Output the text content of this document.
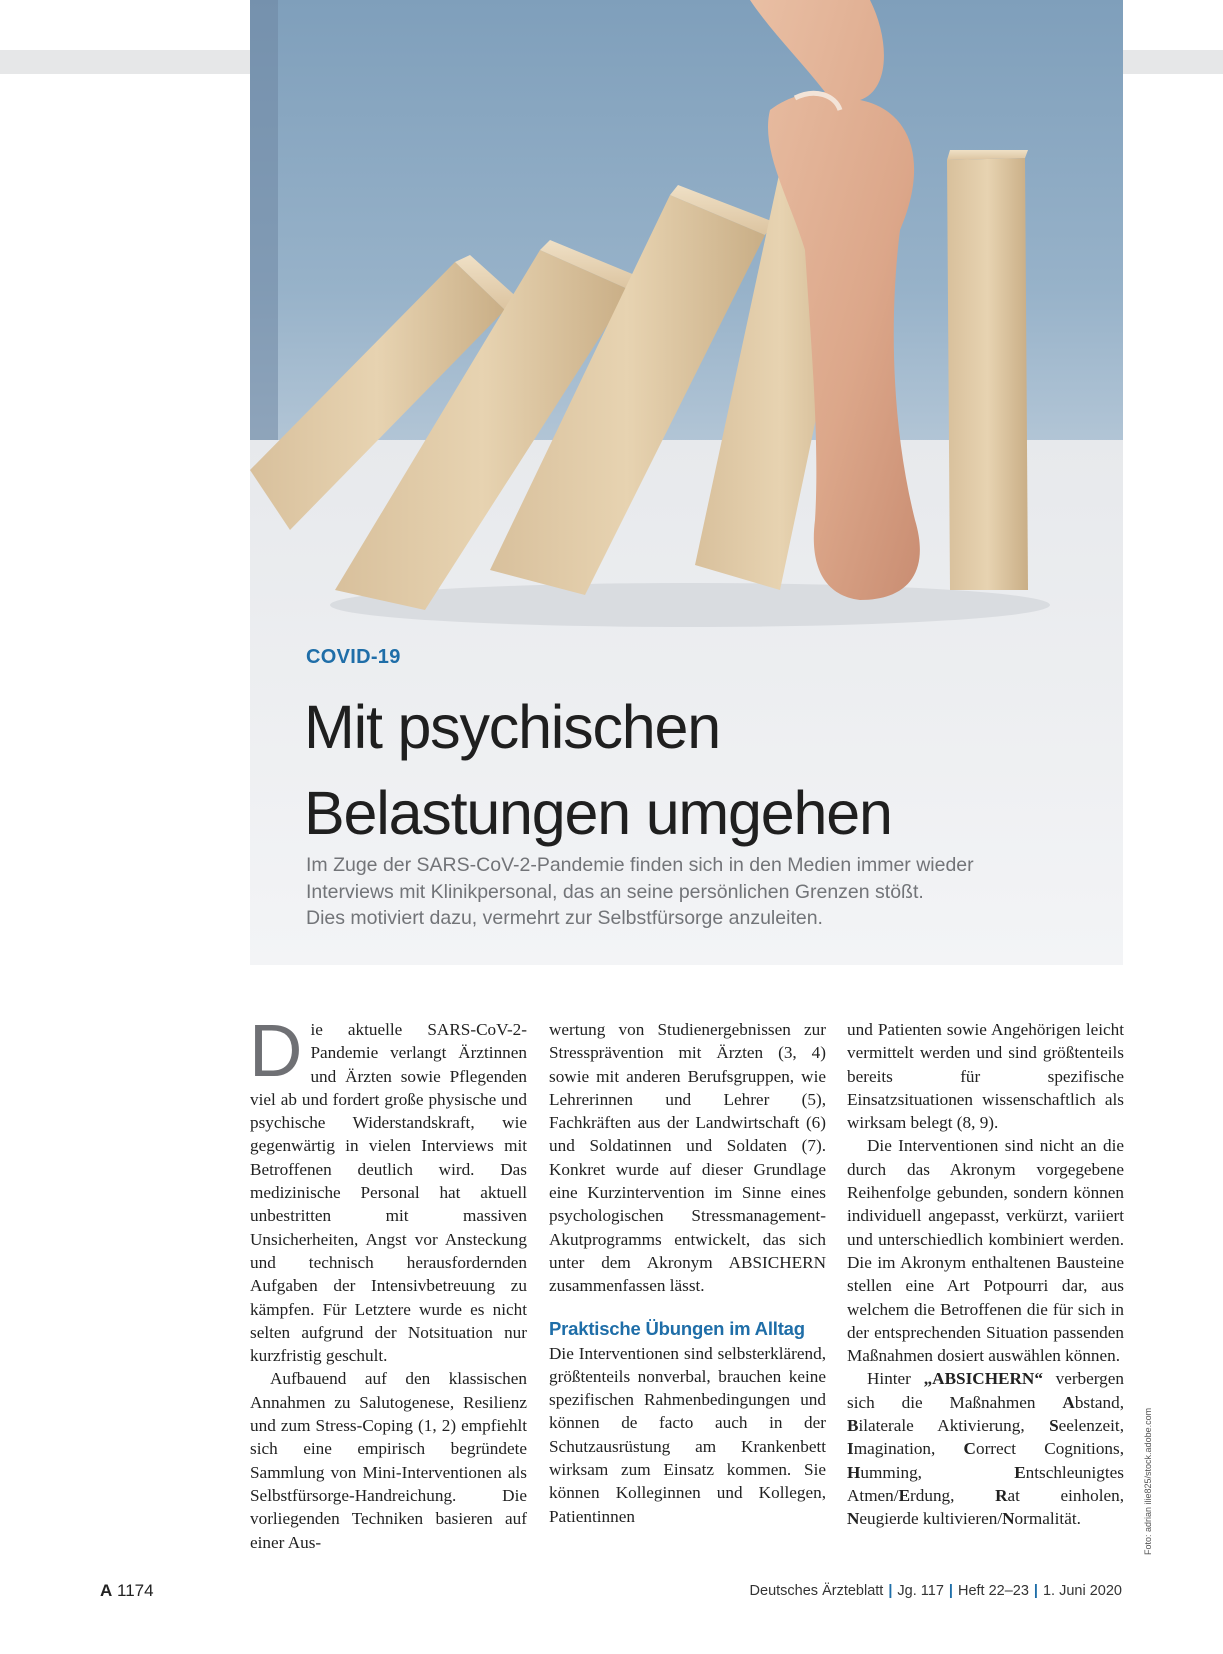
COVID-19

Mit psychischen
Belastungen umgehen

Im Zuge der SARS-CoV-2-Pandemie finden sich in den Medien immer wieder
Interviews mit Klinikpersonal, das an seine persönlichen Grenzen stößt.
Dies motiviert dazu, vermehrt zur Selbstfürsorge anzuleiten.

Die aktuelle SARS-CoV-2-Pandemie verlangt Ärztinnen und Ärzten sowie Pflegenden viel ab und fordert große physische und psychische Widerstandskraft, wie gegenwärtig in vielen Interviews mit Betroffenen deutlich wird. Das medizinische Personal hat aktuell unbestritten mit massiven Unsicherheiten, Angst vor Ansteckung und technisch herausfordernden Aufgaben der Intensivbetreuung zu kämpfen. Für Letztere wurde es nicht selten aufgrund der Notsituation nur kurzfristig geschult.

Aufbauend auf den klassischen Annahmen zu Salutogenese, Resilienz und zum Stress-Coping (1, 2) empfiehlt sich eine empirisch begründete Sammlung von Mini-Interventionen als Selbstfürsorge-Handreichung. Die vorliegenden Techniken basieren auf einer Aus-

wertung von Studienergebnissen zur Stressprävention mit Ärzten (3, 4) sowie mit anderen Berufsgruppen, wie Lehrerinnen und Lehrer (5), Fachkräften aus der Landwirtschaft (6) und Soldatinnen und Soldaten (7). Konkret wurde auf dieser Grundlage eine Kurzintervention im Sinne eines psychologischen Stressmanagement-Akutprogramms entwickelt, das sich unter dem Akronym ABSICHERN zusammenfassen lässt.

Praktische Übungen im Alltag

Die Interventionen sind selbsterklärend, größtenteils nonverbal, brauchen keine spezifischen Rahmenbedingungen und können de facto auch in der Schutzausrüstung am Krankenbett wirksam zum Einsatz kommen. Sie können Kolleginnen und Kollegen, Patientinnen

und Patienten sowie Angehörigen leicht vermittelt werden und sind größtenteils bereits für spezifische Einsatzsituationen wissenschaftlich als wirksam belegt (8, 9).

Die Interventionen sind nicht an die durch das Akronym vorgegebene Reihenfolge gebunden, sondern können individuell angepasst, verkürzt, variiert und unterschiedlich kombiniert werden. Die im Akronym enthaltenen Bausteine stellen eine Art Potpourri dar, aus welchem die Betroffenen die für sich in der entsprechenden Situation passenden Maßnahmen dosiert auswählen können.

Hinter „ABSICHERN“ verbergen sich die Maßnahmen Abstand, Bilaterale Aktivierung, Seelenzeit, Imagination, Correct Cognitions, Humming, Entschleunigtes Atmen/Erdung, Rat einholen, Neugierde kultivieren/Normalität.	Foto: adrian ilie825/stock.adobe.com
A 1174	Deutsches Ärzteblatt | Jg. 117 | Heft 22–23 | 1. Juni 2020
